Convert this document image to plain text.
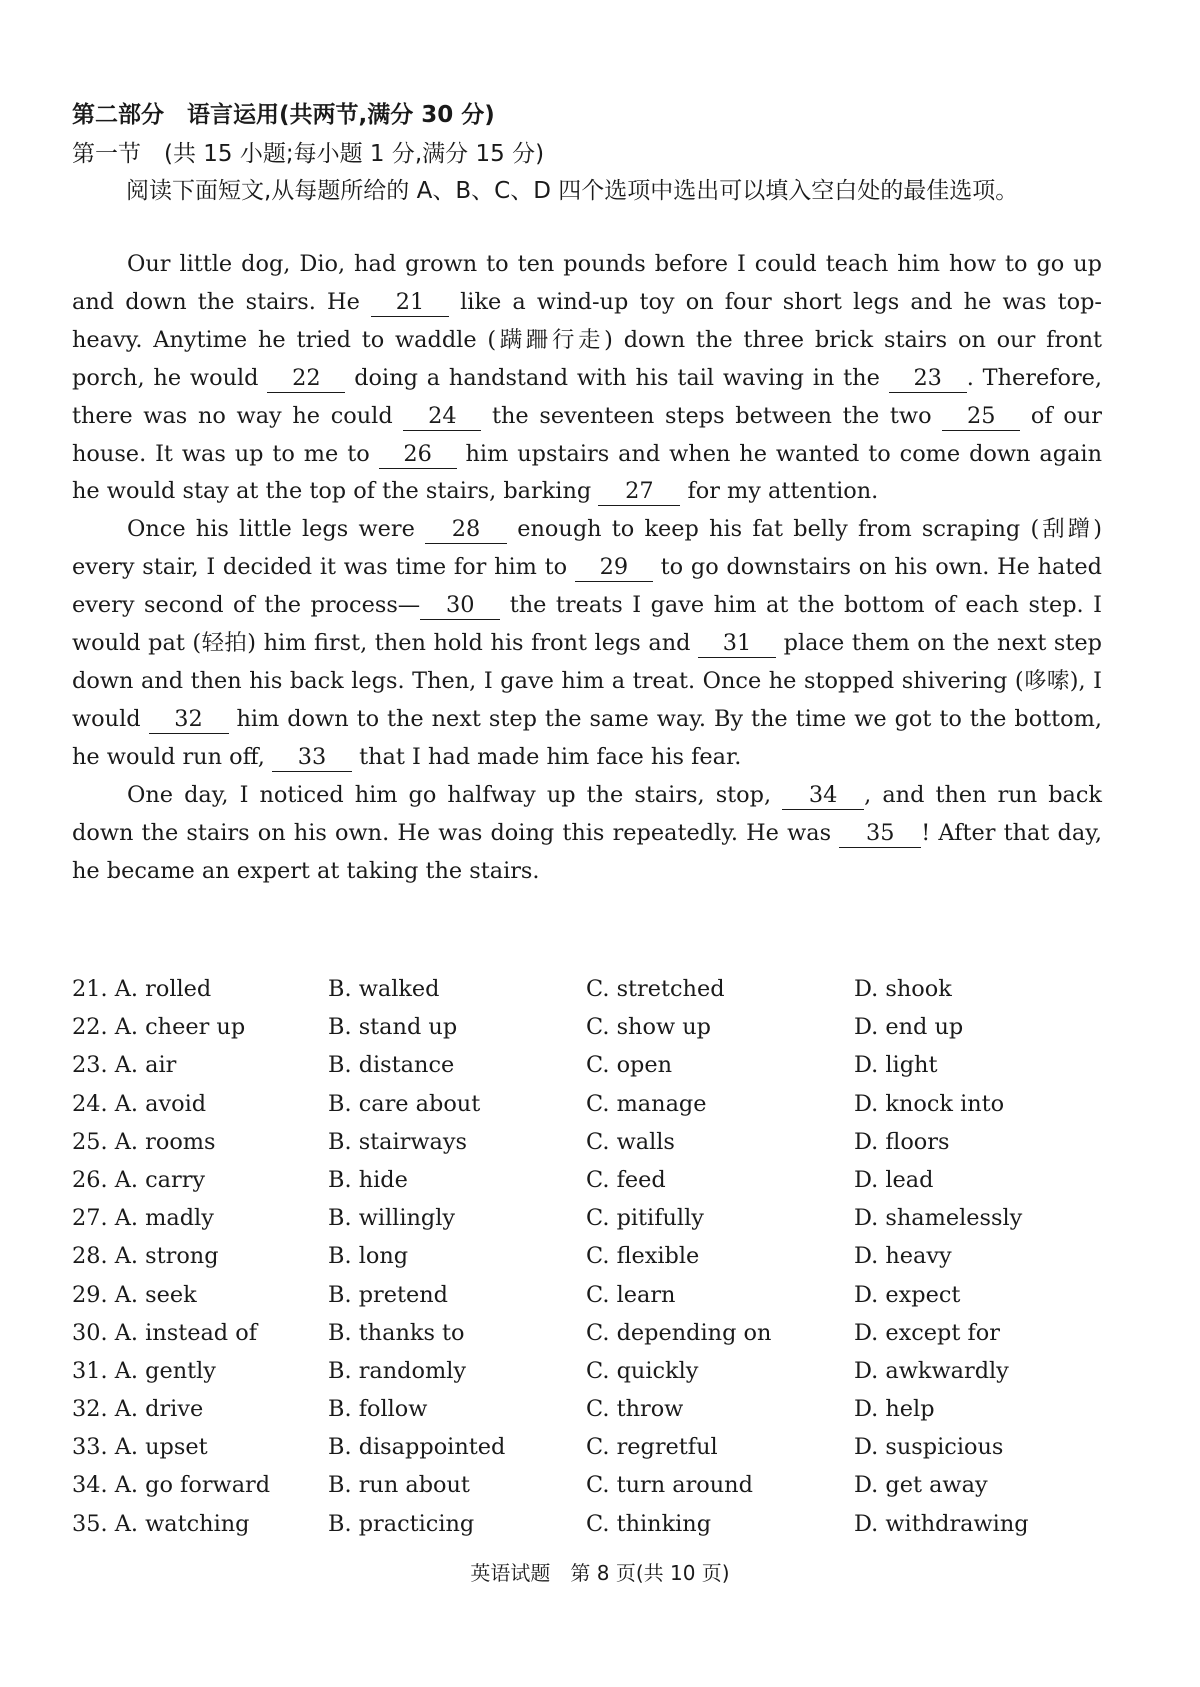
第二部分　语言运用(共两节,满分 30 分)
第一节　(共 15 小题;每小题 1 分,满分 15 分)
阅读下面短文,从每题所给的 A、B、C、D 四个选项中选出可以填入空白处的最佳选项。

Our little dog, Dio, had grown to ten pounds before I could teach him how to go up and down the stairs. He 21 like a wind-up toy on four short legs and he was top-heavy. Anytime he tried to waddle (蹒跚行走) down the three brick stairs on our front porch, he would 22 doing a handstand with his tail waving in the 23 . Therefore, there was no way he could 24 the seventeen steps between the two 25 of our house. It was up to me to 26 him upstairs and when he wanted to come down again he would stay at the top of the stairs, barking 27 for my attention.

Once his little legs were 28 enough to keep his fat belly from scraping (刮蹭) every stair, I decided it was time for him to 29 to go downstairs on his own. He hated every second of the process— 30 the treats I gave him at the bottom of each step. I would pat (轻拍) him first, then hold his front legs and 31 place them on the next step down and then his back legs. Then, I gave him a treat. Once he stopped shivering (哆嗦), I would 32 him down to the next step the same way. By the time we got to the bottom, he would run off, 33 that I had made him face his fear.

One day, I noticed him go halfway up the stairs, stop, 34 , and then run back down the stairs on his own. He was doing this repeatedly. He was 35 ! After that day, he became an expert at taking the stairs.

21. A. rolled	B. walked	C. stretched	D. shook
22. A. cheer up	B. stand up	C. show up	D. end up
23. A. air	B. distance	C. open	D. light
24. A. avoid	B. care about	C. manage	D. knock into
25. A. rooms	B. stairways	C. walls	D. floors
26. A. carry	B. hide	C. feed	D. lead
27. A. madly	B. willingly	C. pitifully	D. shamelessly
28. A. strong	B. long	C. flexible	D. heavy
29. A. seek	B. pretend	C. learn	D. expect
30. A. instead of	B. thanks to	C. depending on	D. except for
31. A. gently	B. randomly	C. quickly	D. awkwardly
32. A. drive	B. follow	C. throw	D. help
33. A. upset	B. disappointed	C. regretful	D. suspicious
34. A. go forward	B. run about	C. turn around	D. get away
35. A. watching	B. practicing	C. thinking	D. withdrawing
英语试题　第 8 页(共 10 页)
